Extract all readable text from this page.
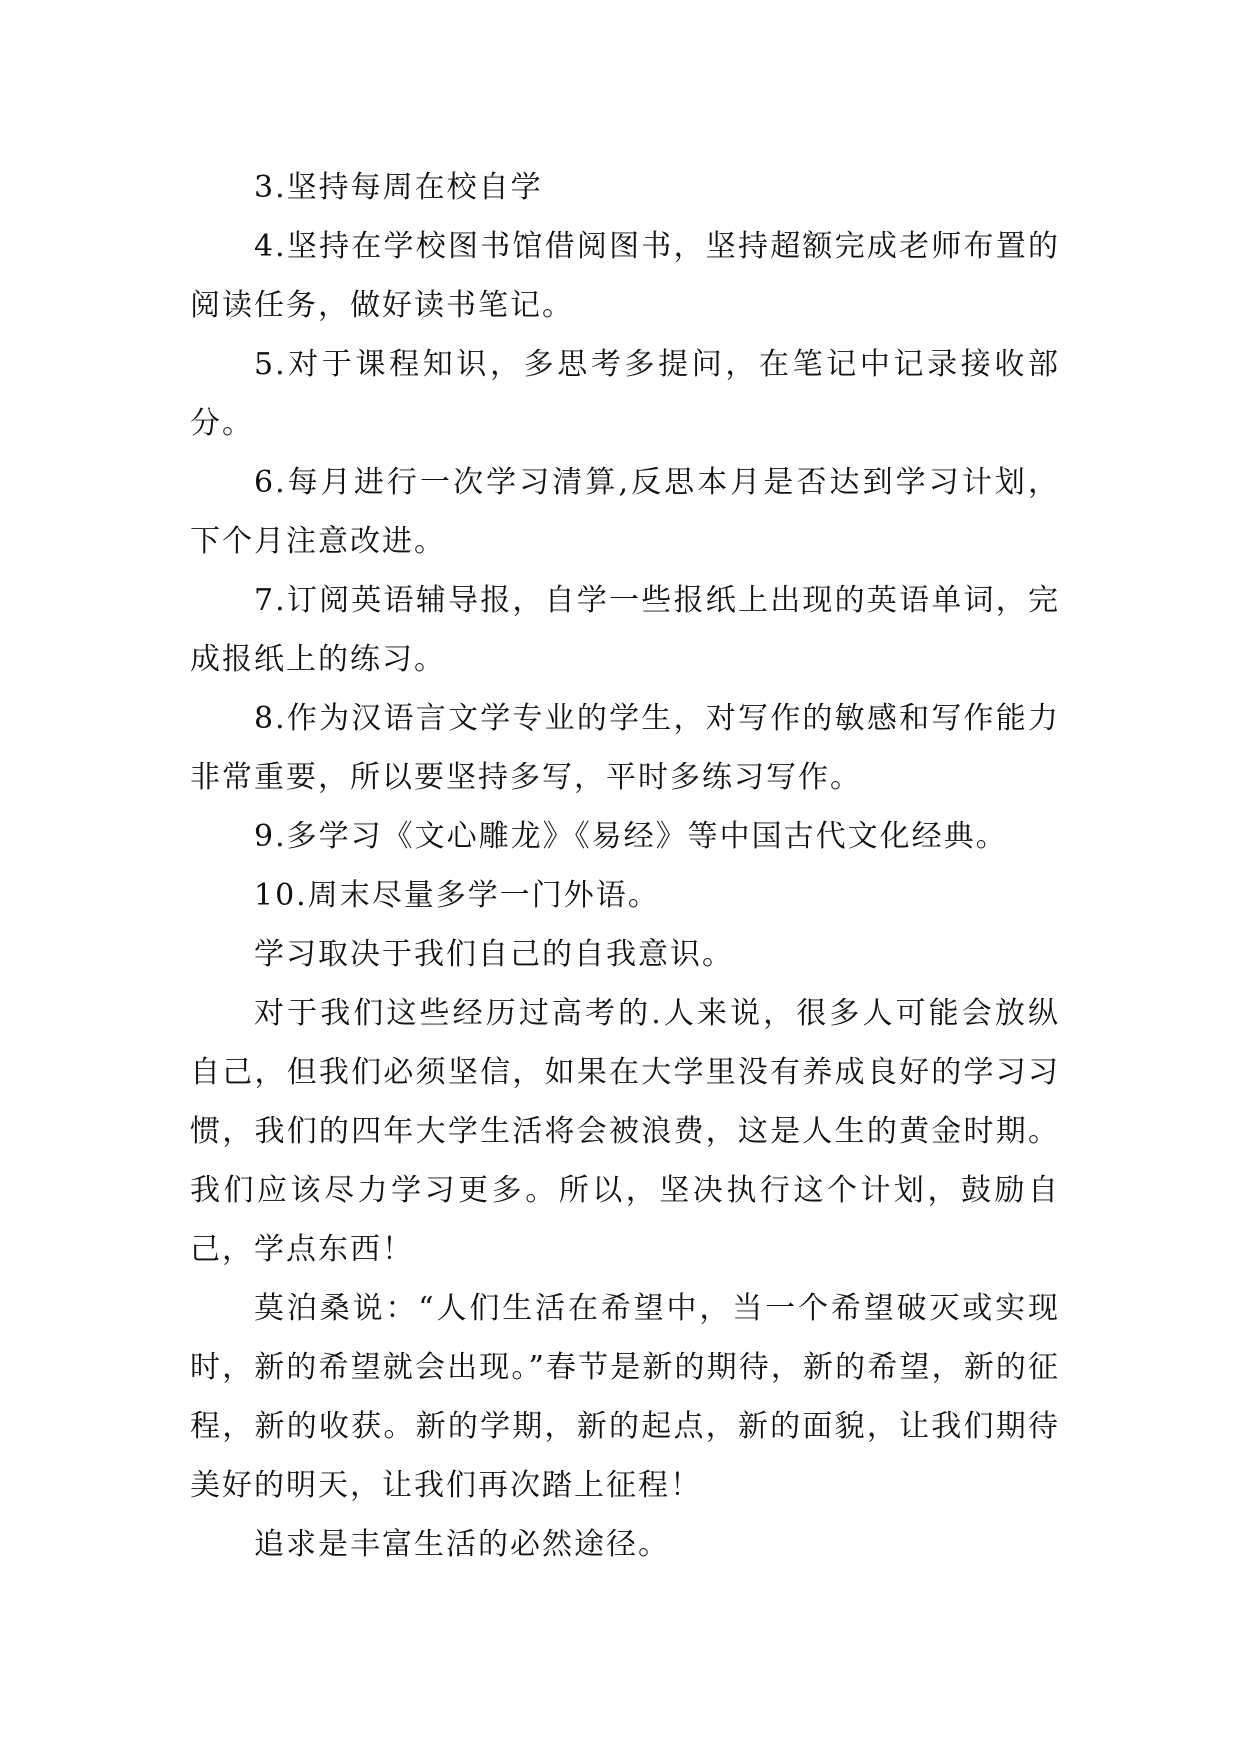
3.坚持每周在校自学

4.坚持在学校图书馆借阅图书，坚持超额完成老师布置的阅读任务，做好读书笔记。

5.对于课程知识，多思考多提问，在笔记中记录接收部分。

6.每月进行一次学习清算,反思本月是否达到学习计划，下个月注意改进。

7.订阅英语辅导报，自学一些报纸上出现的英语单词，完成报纸上的练习。

8.作为汉语言文学专业的学生，对写作的敏感和写作能力非常重要，所以要坚持多写，平时多练习写作。

9.多学习《文心雕龙》《易经》等中国古代文化经典。

10.周末尽量多学一门外语。

学习取决于我们自己的自我意识。

对于我们这些经历过高考的.人来说，很多人可能会放纵自己，但我们必须坚信，如果在大学里没有养成良好的学习习惯，我们的四年大学生活将会被浪费，这是人生的黄金时期。我们应该尽力学习更多。所以，坚决执行这个计划，鼓励自己，学点东西！

莫泊桑说：“人们生活在希望中，当一个希望破灭或实现时，新的希望就会出现。”春节是新的期待，新的希望，新的征程，新的收获。新的学期，新的起点，新的面貌，让我们期待美好的明天，让我们再次踏上征程！

追求是丰富生活的必然途径。
